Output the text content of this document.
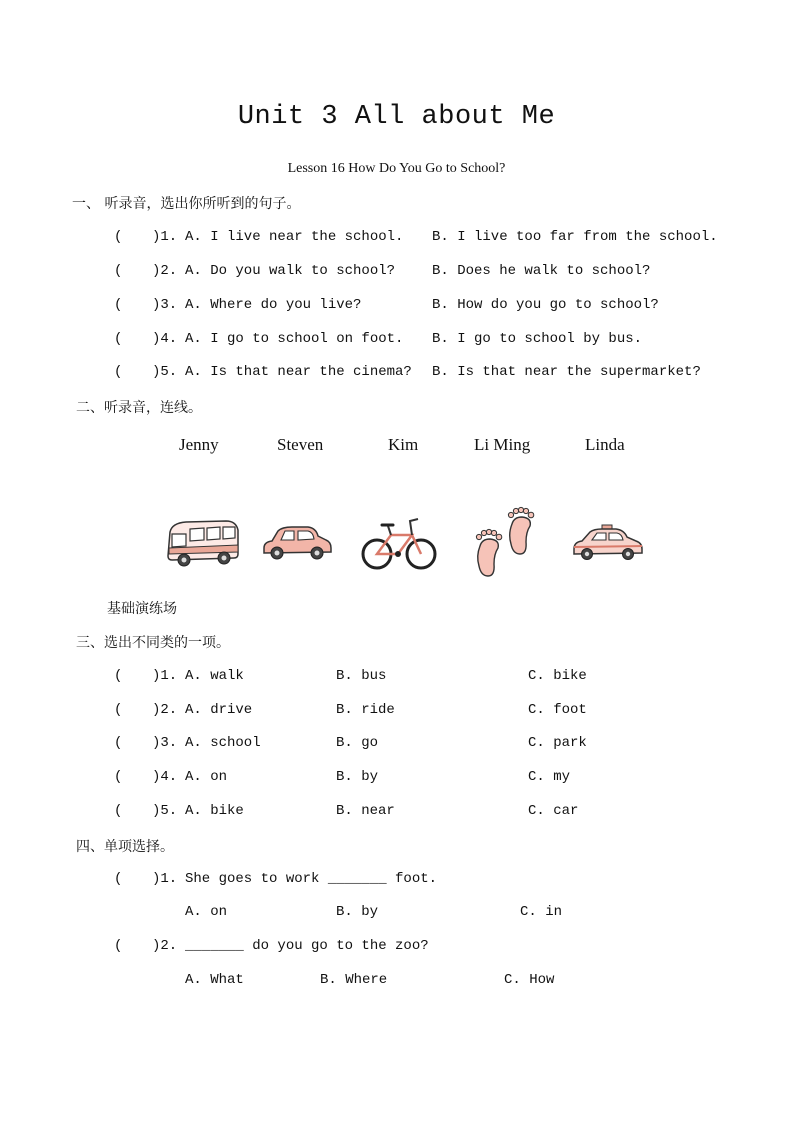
Unit 3 All about Me
Lesson 16 How Do You Go to School?
一、 听录音，选出你所听到的句子。
( )1. A. I live near the school. B. I live too far from the school.
( )2. A. Do you walk to school?	B. Does he walk to school?
( )3. A. Where do you live?	B. How do you go to school?
( )4. A. I go to school on foot. B. I go to school by bus.
( )5. A. Is that near the cinema? B. Is that near the supermarket?
二、听录音，连线。
Jenny	Steven	Kim	Li Ming	Linda
基础演练场
三、选出不同类的一项。
( )1. A. walk	B. bus	C. bike
( )2. A. drive	B. ride	C. foot
( )3. A. school	B. go	C. park
( )4. A. on	B. by	C. my
( )5. A. bike	B. near	C. car
四、单项选择。
( )1. She goes to work _______ foot.
A. on	B. by	C. in
( )2. _______ do you go to the zoo?
A. What	B. Where	C. How
